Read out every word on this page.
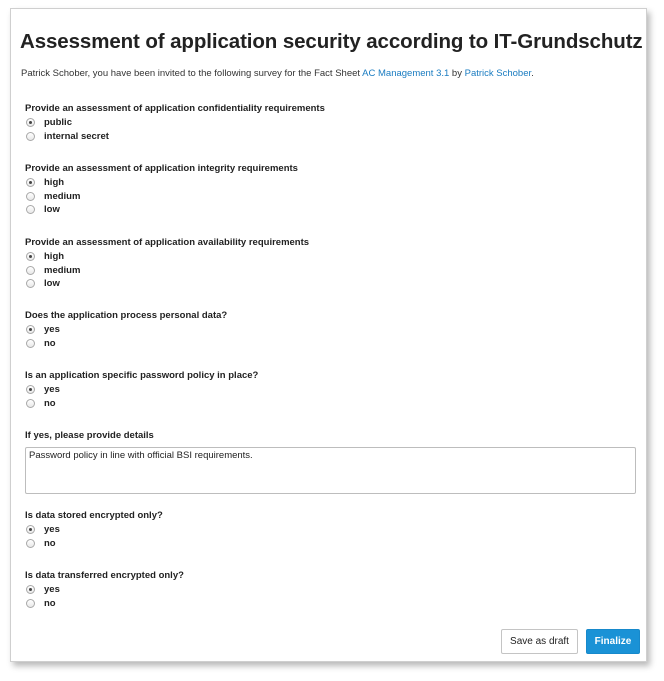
Assessment of application security according to IT-Grundschutz
Patrick Schober, you have been invited to the following survey for the Fact Sheet AC Management 3.1 by Patrick Schober.

Provide an assessment of application confidentiality requirements

public
internal secret

Provide an assessment of application integrity requirements

high
medium
low

Provide an assessment of application availability requirements

high
medium
low

Does the application process personal data?

yes
no

Is an application specific password policy in place?

yes
no

If yes, please provide details

Password policy in line with official BSI requirements.

Is data stored encrypted only?

yes
no

Is data transferred encrypted only?

yes
no
Save as draft	Finalize
